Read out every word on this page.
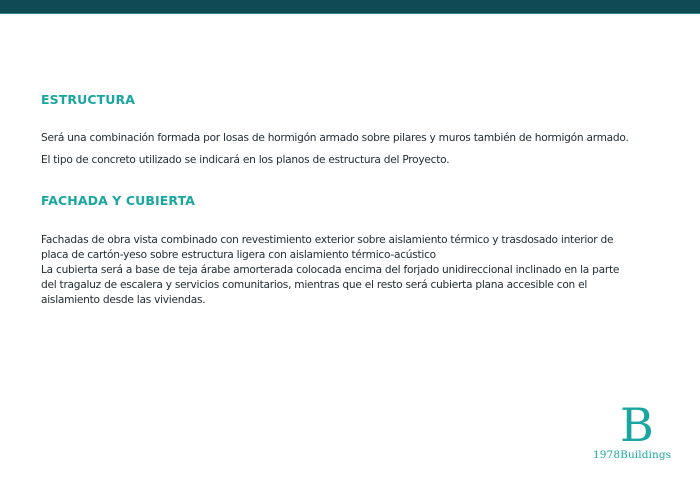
ESTRUCTURA
Será una combinación formada por losas de hormigón armado sobre pilares y muros también de hormigón armado.
El tipo de concreto utilizado se indicará en los planos de estructura del Proyecto.
FACHADA Y CUBIERTA
Fachadas de obra vista combinado con revestimiento exterior sobre aislamiento térmico y trasdosado interior de
placa de cartón-yeso sobre estructura ligera con aislamiento térmico-acústico
La cubierta será a base de teja árabe amorterada colocada encima del forjado unidireccional inclinado en la parte
del tragaluz de escalera y servicios comunitarios, mientras que el resto será cubierta plana accesible con el
aislamiento desde las viviendas.
B
1978Buildings
